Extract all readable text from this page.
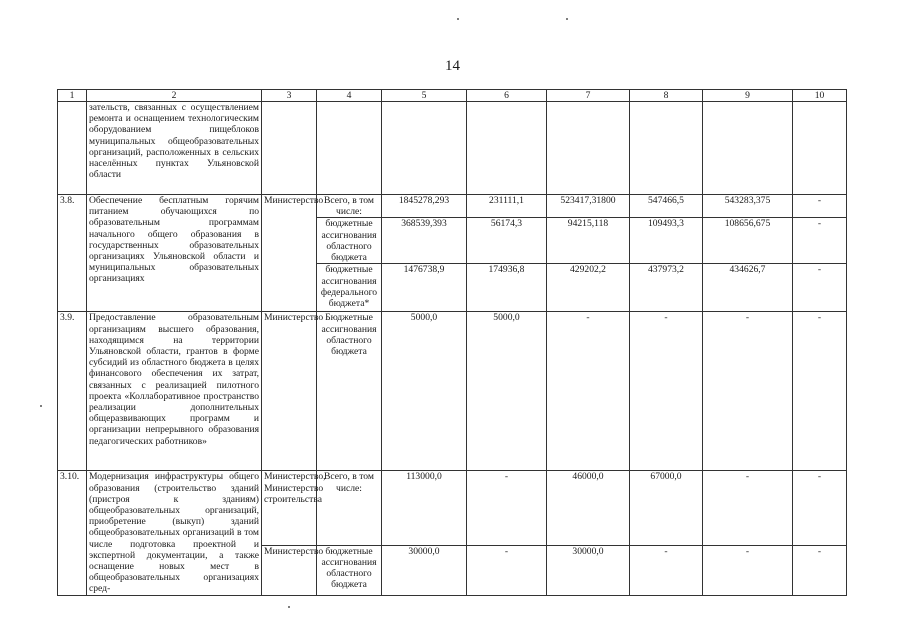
14
1	2	3	4	5	6	7	8	9	10
	зательств, связанных с осуществлением ремонта и оснащением технологическим оборудованием пищеблоков муниципальных общеобразовательных организаций, расположенных в сельских населённых пунктах Ульяновской области								
3.8.	Обеспечение бесплатным горячим питанием обучающихся по образовательным программам начального общего образования в государственных образовательных организациях Ульяновской области и муниципальных образовательных организациях	Министерство	Всего, в том числе:	1845278,293	231111,1	523417,31800	547466,5	543283,375	-
			бюджетные ассигнования областного бюджета	368539,393	56174,3	94215,118	109493,3	108656,675	-
			бюджетные ассигнования федерального бюджета*	1476738,9	174936,8	429202,2	437973,2	434626,7	-
3.9.	Предоставление образовательным организациям высшего образования, находящимся на территории Ульяновской области, грантов в форме субсидий из областного бюджета в целях финансового обеспечения их затрат, связанных с реализацией пилотного проекта «Коллаборативное пространство реализации дополнительных общеразвивающих программ и организации непрерывного образования педагогических работников»	Министерство	Бюджетные ассигнования областного бюджета	5000,0	5000,0	-	-	-	-
3.10.	Модернизация инфраструктуры общего образования (строительство зданий (пристроя к зданиям) общеобразовательных организаций, приобретение (выкуп) зданий общеобразовательных организаций в том числе подготовка проектной и экспертной документации, а также оснащение новых мест в общеобразовательных организациях сред-	Министерство, Министерство строительства	Всего, в том числе:	113000,0	-	46000,0	67000,0	-	-
		Министерство	бюджетные ассигнования областного бюджета	30000,0	-	30000,0	-	-	-
